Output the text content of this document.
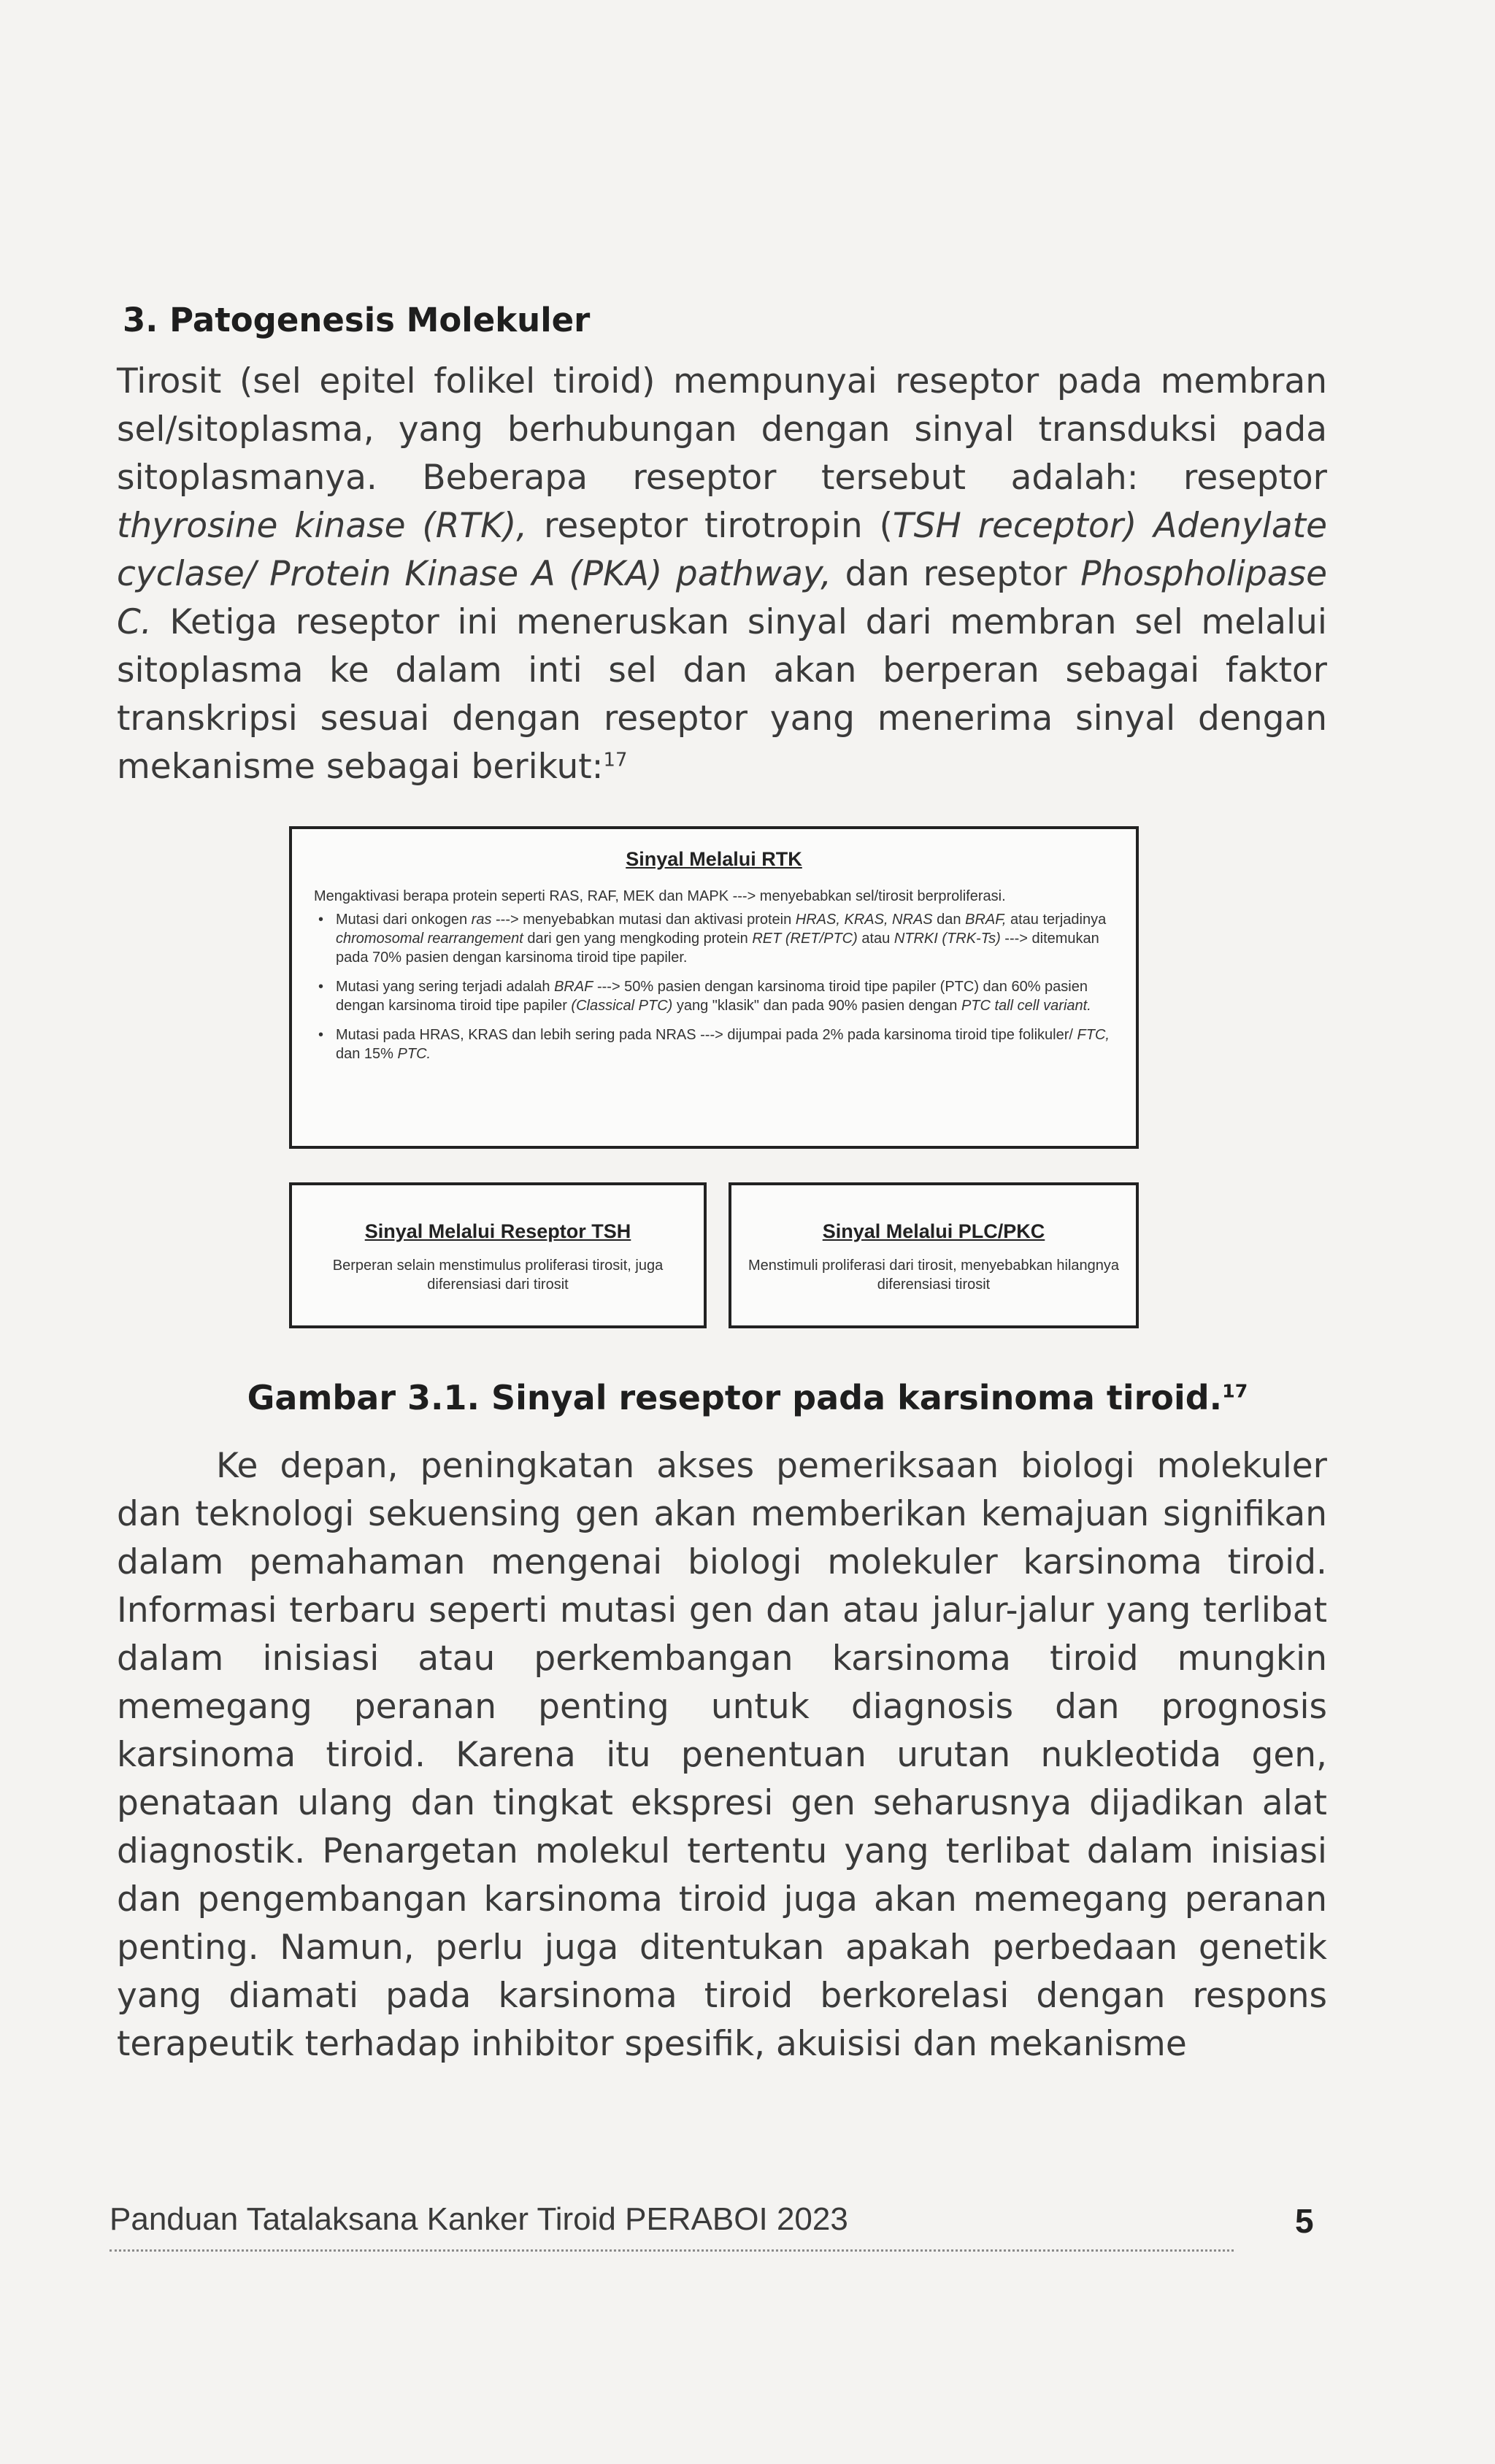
3. Patogenesis Molekuler

Tirosit (sel epitel folikel tiroid) mempunyai reseptor pada membran sel/sitoplasma, yang berhubungan dengan sinyal transduksi pada sitoplasmanya. Beberapa reseptor tersebut adalah: reseptor thyrosine kinase (RTK), reseptor tirotropin (TSH receptor) Adenylate cyclase/ Protein Kinase A (PKA) pathway, dan reseptor Phospholipase C. Ketiga reseptor ini meneruskan sinyal dari membran sel melalui sitoplasma ke dalam inti sel dan akan berperan sebagai faktor transkripsi sesuai dengan reseptor yang menerima sinyal dengan mekanisme sebagai berikut:$^{17}$

Sinyal Melalui RTK

Mengaktivasi berapa protein seperti RAS, RAF, MEK dan MAPK ---> menyebabkan sel/tirosit berproliferasi.

• Mutasi dari onkogen ras ---> menyebabkan mutasi dan aktivasi protein HRAS, KRAS, NRAS dan BRAF, atau terjadinya chromosomal rearrangement dari gen yang mengkoding protein RET (RET/PTC) atau NTRKI (TRK-Ts) ---> ditemukan pada 70% pasien dengan karsinoma tiroid tipe papiler.
• Mutasi yang sering terjadi adalah BRAF ---> 50% pasien dengan karsinoma tiroid tipe papiler (PTC) dan 60% pasien dengan karsinoma tiroid tipe papiler (Classical PTC) yang "klasik" dan pada 90% pasien dengan PTC tall cell variant.
• Mutasi pada HRAS, KRAS dan lebih sering pada NRAS ---> dijumpai pada 2% pada karsinoma tiroid tipe folikuler/ FTC, dan 15% PTC.

Sinyal Melalui Reseptor TSH

Berperan selain menstimulus proliferasi tirosit, juga diferensiasi dari tirosit

Sinyal Melalui PLC/PKC

Menstimuli proliferasi dari tirosit, menyebabkan hilangnya diferensiasi tirosit

Gambar 3.1. Sinyal reseptor pada karsinoma tiroid.$^{17}$

Ke depan, peningkatan akses pemeriksaan biologi molekuler dan teknologi sekuensing gen akan memberikan kemajuan signifikan dalam pemahaman mengenai biologi molekuler karsinoma tiroid. Informasi terbaru seperti mutasi gen dan atau jalur-jalur yang terlibat dalam inisiasi atau perkembangan karsinoma tiroid mungkin memegang peranan penting untuk diagnosis dan prognosis karsinoma tiroid. Karena itu penentuan urutan nukleotida gen, penataan ulang dan tingkat ekspresi gen seharusnya dijadikan alat diagnostik. Penargetan molekul tertentu yang terlibat dalam inisiasi dan pengembangan karsinoma tiroid juga akan memegang peranan penting. Namun, perlu juga ditentukan apakah perbedaan genetik yang diamati pada karsinoma tiroid berkorelasi dengan respons terapeutik terhadap inhibitor spesifik, akuisisi dan mekanisme

Panduan Tatalaksana Kanker Tiroid PERABOI 2023	5
